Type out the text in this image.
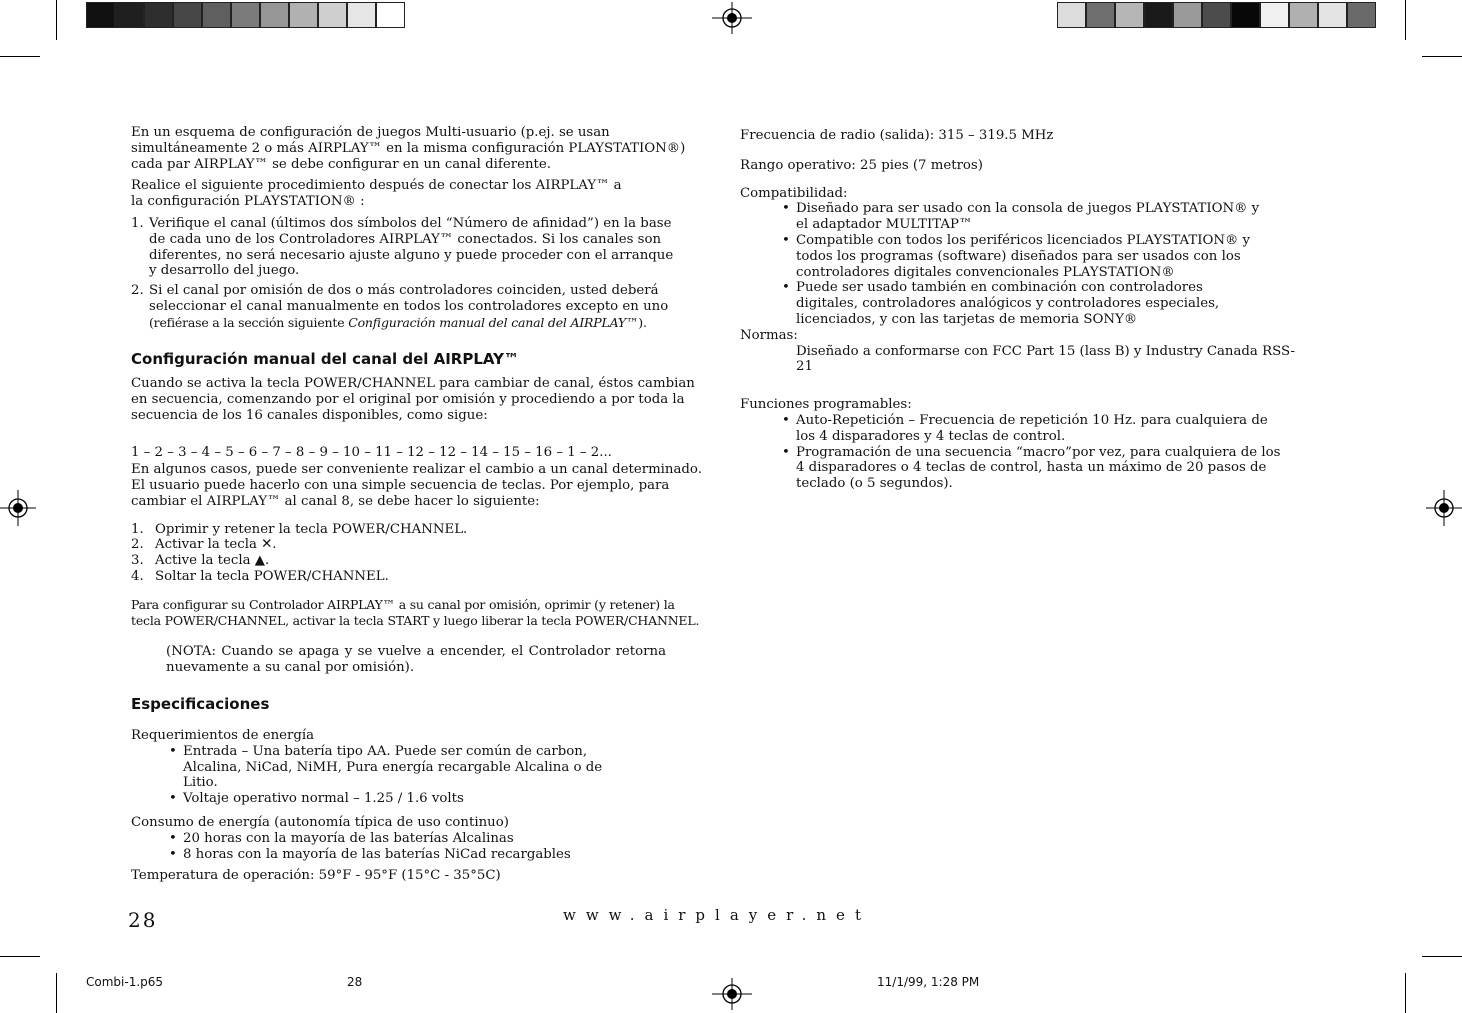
En un esquema de configuración de juegos Multi-usuario (p.ej. se usan simultáneamente 2 o más AIRPLAY™ en la misma configuración PLAYSTATION®) cada par AIRPLAY™ se debe configurar en un canal diferente.

Realice el siguiente procedimiento después de conectar los AIRPLAY™ a la configuración PLAYSTATION® :

1. Verifique el canal (últimos dos símbolos del “Número de afinidad”) en la base de cada uno de los Controladores AIRPLAY™ conectados. Si los canales son diferentes, no será necesario ajuste alguno y puede proceder con el arranque y desarrollo del juego.
2. Si el canal por omisión de dos o más controladores coinciden, usted deberá seleccionar el canal manualmente en todos los controladores excepto en uno
(refiérase a la sección siguiente Configuración manual del canal del AIRPLAY™).
Configuración manual del canal del AIRPLAY™

Cuando se activa la tecla POWER/CHANNEL para cambiar de canal, éstos cambian en secuencia, comenzando por el original por omisión y procediendo a por toda la secuencia de los 16 canales disponibles, como sigue:

1 – 2 – 3 – 4 – 5 – 6 – 7 – 8 – 9 – 10 – 11 – 12 – 12 – 14 – 15 – 16 – 1 – 2...

En algunos casos, puede ser conveniente realizar el cambio a un canal determinado. El usuario puede hacerlo con una simple secuencia de teclas. Por ejemplo, para cambiar el AIRPLAY™ al canal 8, se debe hacer lo siguiente:

1. Oprimir y retener la tecla POWER/CHANNEL.
2. Activar la tecla ✕.
3. Active la tecla ▲.
4. Soltar la tecla POWER/CHANNEL.

Para configurar su Controlador AIRPLAY™ a su canal por omisión, oprimir (y retener) la tecla POWER/CHANNEL, activar la tecla START y luego liberar la tecla POWER/CHANNEL.

(NOTA: Cuando se apaga y se vuelve a encender, el Controlador retorna nuevamente a su canal por omisión).

Especificaciones

Requerimientos de energía

• Entrada – Una batería tipo AA. Puede ser común de carbon, Alcalina, NiCad, NiMH, Pura energía recargable Alcalina o de Litio.
• Voltaje operativo normal – 1.25 / 1.6 volts

Consumo de energía (autonomía típica de uso continuo)

• 20 horas con la mayoría de las baterías Alcalinas
• 8 horas con la mayoría de las baterías NiCad recargables

Temperatura de operación: 59°F - 95°F (15°C - 35°5C)

Frecuencia de radio (salida): 315 – 319.5 MHz

Rango operativo: 25 pies (7 metros)

Compatibilidad:

• Diseñado para ser usado con la consola de juegos PLAYSTATION® y el adaptador MULTITAP™
• Compatible con todos los periféricos licenciados PLAYSTATION® y todos los programas (software) diseñados para ser usados con los controladores digitales convencionales PLAYSTATION®
• Puede ser usado también en combinación con controladores digitales, controladores analógicos y controladores especiales, licenciados, y con las tarjetas de memoria SONY®

Normas:

Diseñado a conformarse con FCC Part 15 (lass B) y Industry Canada RSS-21

Funciones programables:

• Auto-Repetición – Frecuencia de repetición 10 Hz. para cualquiera de los 4 disparadores y 4 teclas de control.
• Programación de una secuencia “macro”por vez, para cualquiera de los 4 disparadores o 4 teclas de control, hasta un máximo de 20 pasos de teclado (o 5 segundos).
28	www.airplayer.net
Combi-1.p65	28	11/1/99, 1:28 PM
